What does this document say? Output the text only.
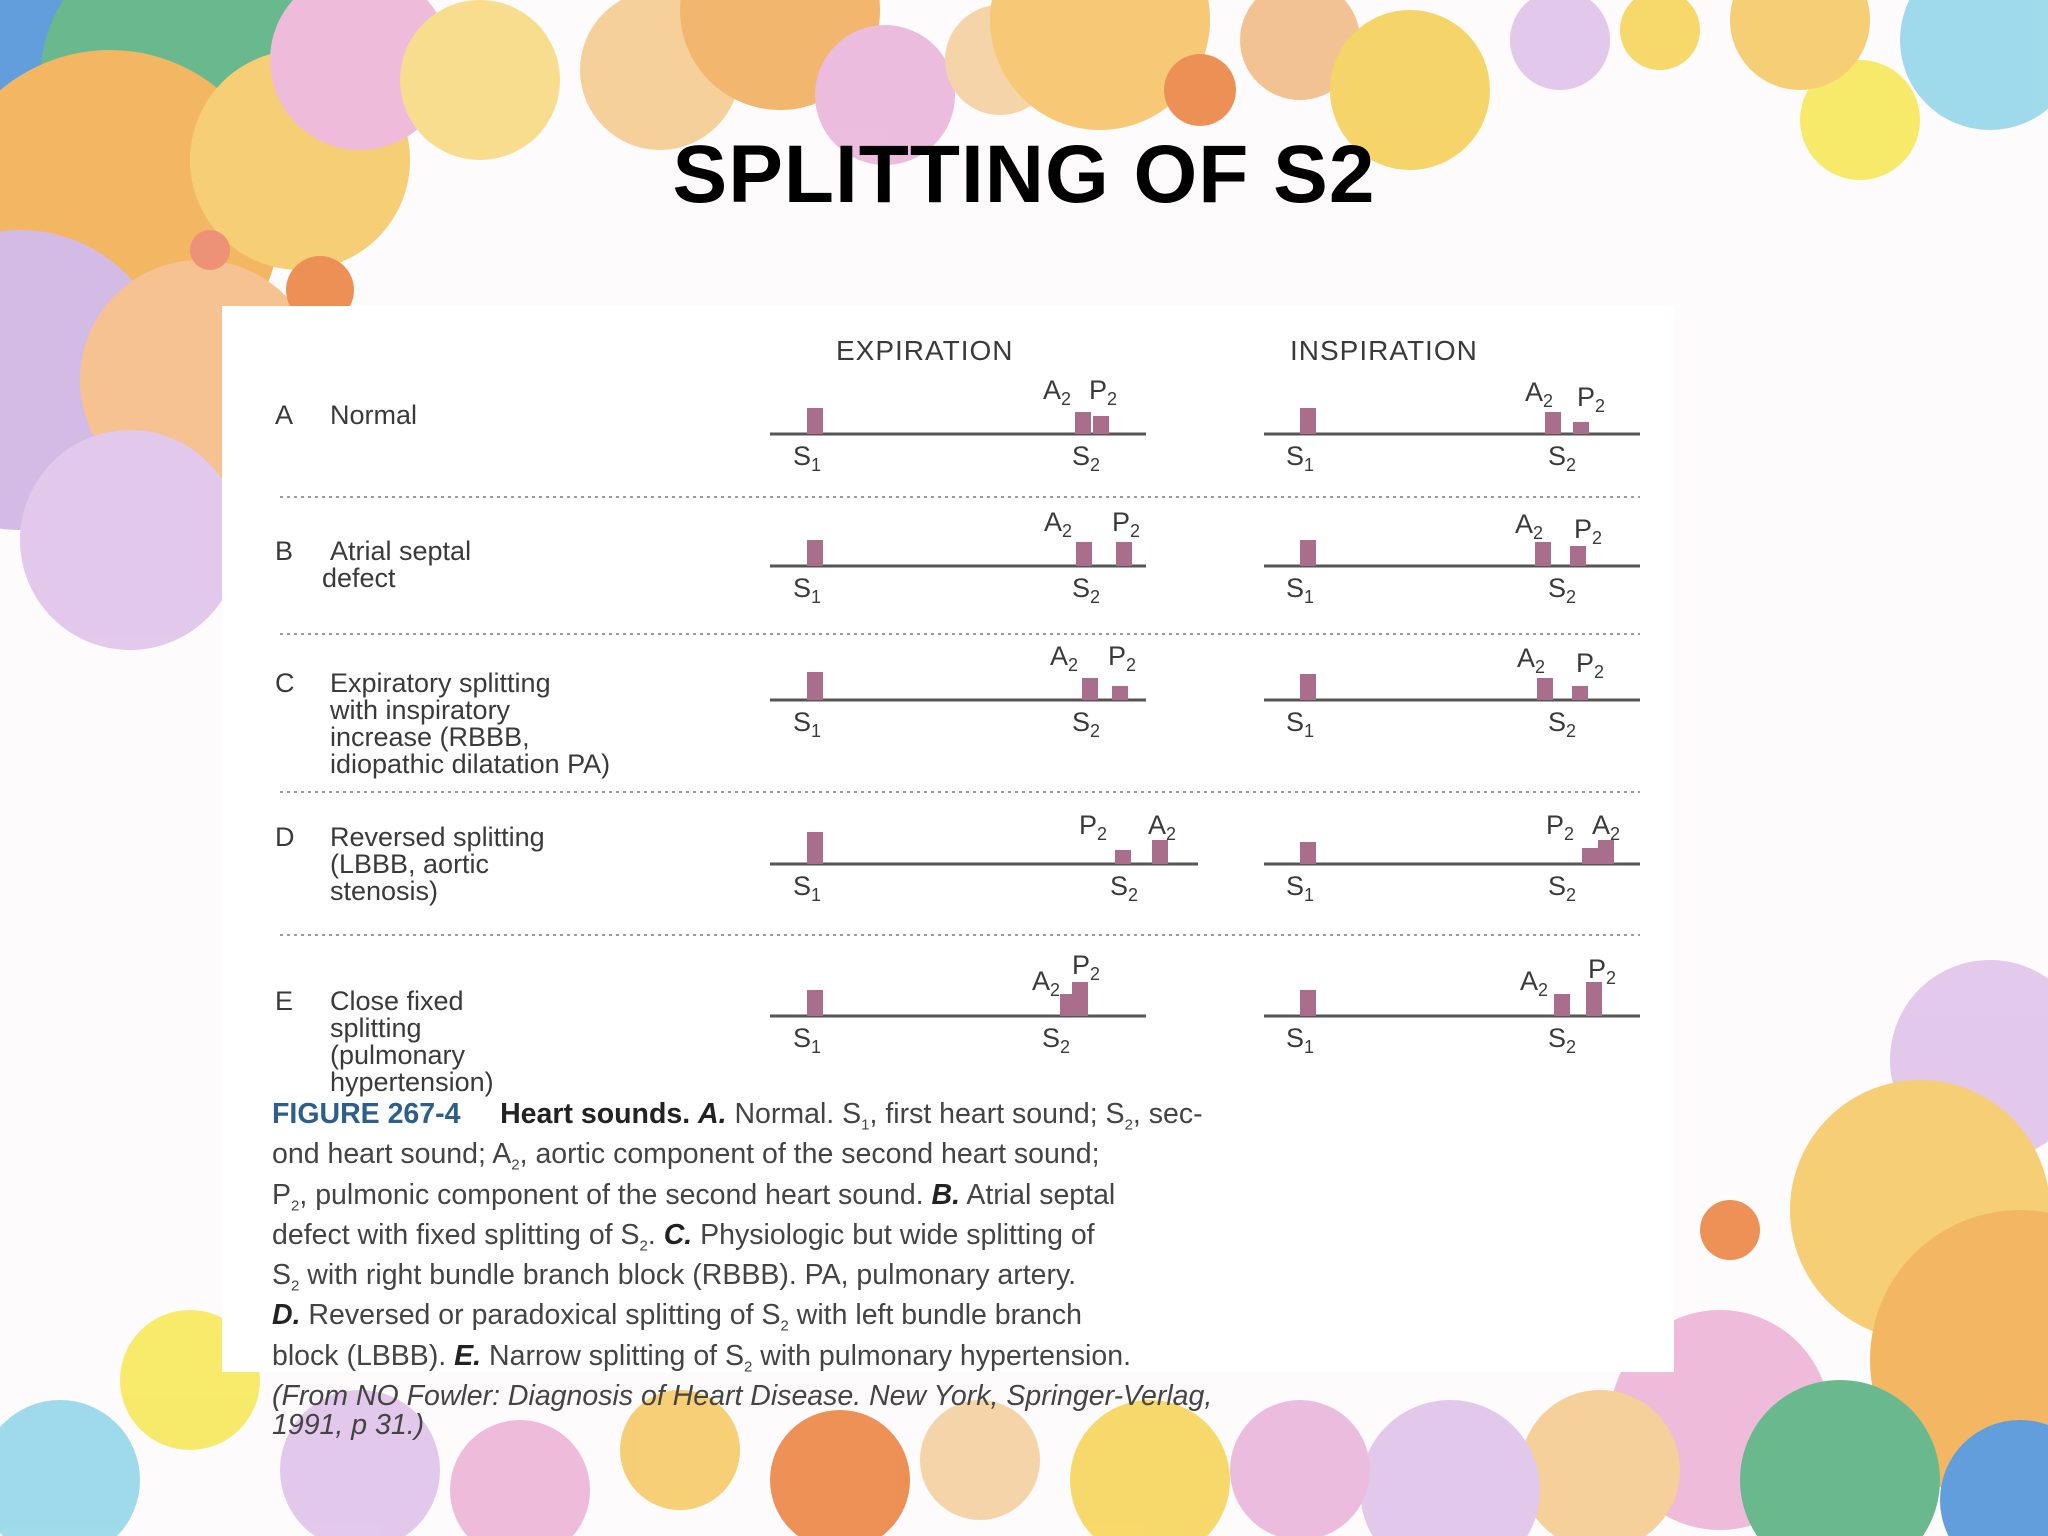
SPLITTING OF S2
EXPIRATION	INSPIRATION
A Normal
B Atrial septal
defect
C Expiratory splitting
with inspiratory
increase (RBBB,
idiopathic dilatation PA)
D Reversed splitting
(LBBB, aortic
stenosis)
E Close fixed
splitting
(pulmonary
hypertension)
$S_1$	$S_2$
$A_2$ $P_2$
$S_1$	$S_2$
$A_2$ $P_2$
$S_1$	$S_2$
$A_2$ $P_2$
$S_1$	$S_2$
$A_2$ $P_2$
$S_1$	$S_2$
$A_2$ $P_2$
$S_1$	$S_2$
$A_2$ $P_2$
$S_1$	$S_2$
$A_2$
$P_2$
$S_1$	$S_2$
$A_2$
$P_2$
$S_1$	$S_2$
$A_2$
$P_2$
$S_1$	$S_2$
$A_2$
$P_2$

FIGURE 267-4 Heart sounds. A. Normal. $S_1$, first heart sound; $S_2$, sec-

ond heart sound; $A_2$, aortic component of the second heart sound;

$P_2$, pulmonic component of the second heart sound. B. Atrial septal

defect with fixed splitting of $S_2$. C. Physiologic but wide splitting of

$S_2$ with right bundle branch block (RBBB). PA, pulmonary artery.

D. Reversed or paradoxical splitting of $S_2$ with left bundle branch

block (LBBB). E. Narrow splitting of $S_2$ with pulmonary hypertension.

(From NO Fowler: Diagnosis of Heart Disease. New York, Springer-Verlag,

1991, p 31.)
